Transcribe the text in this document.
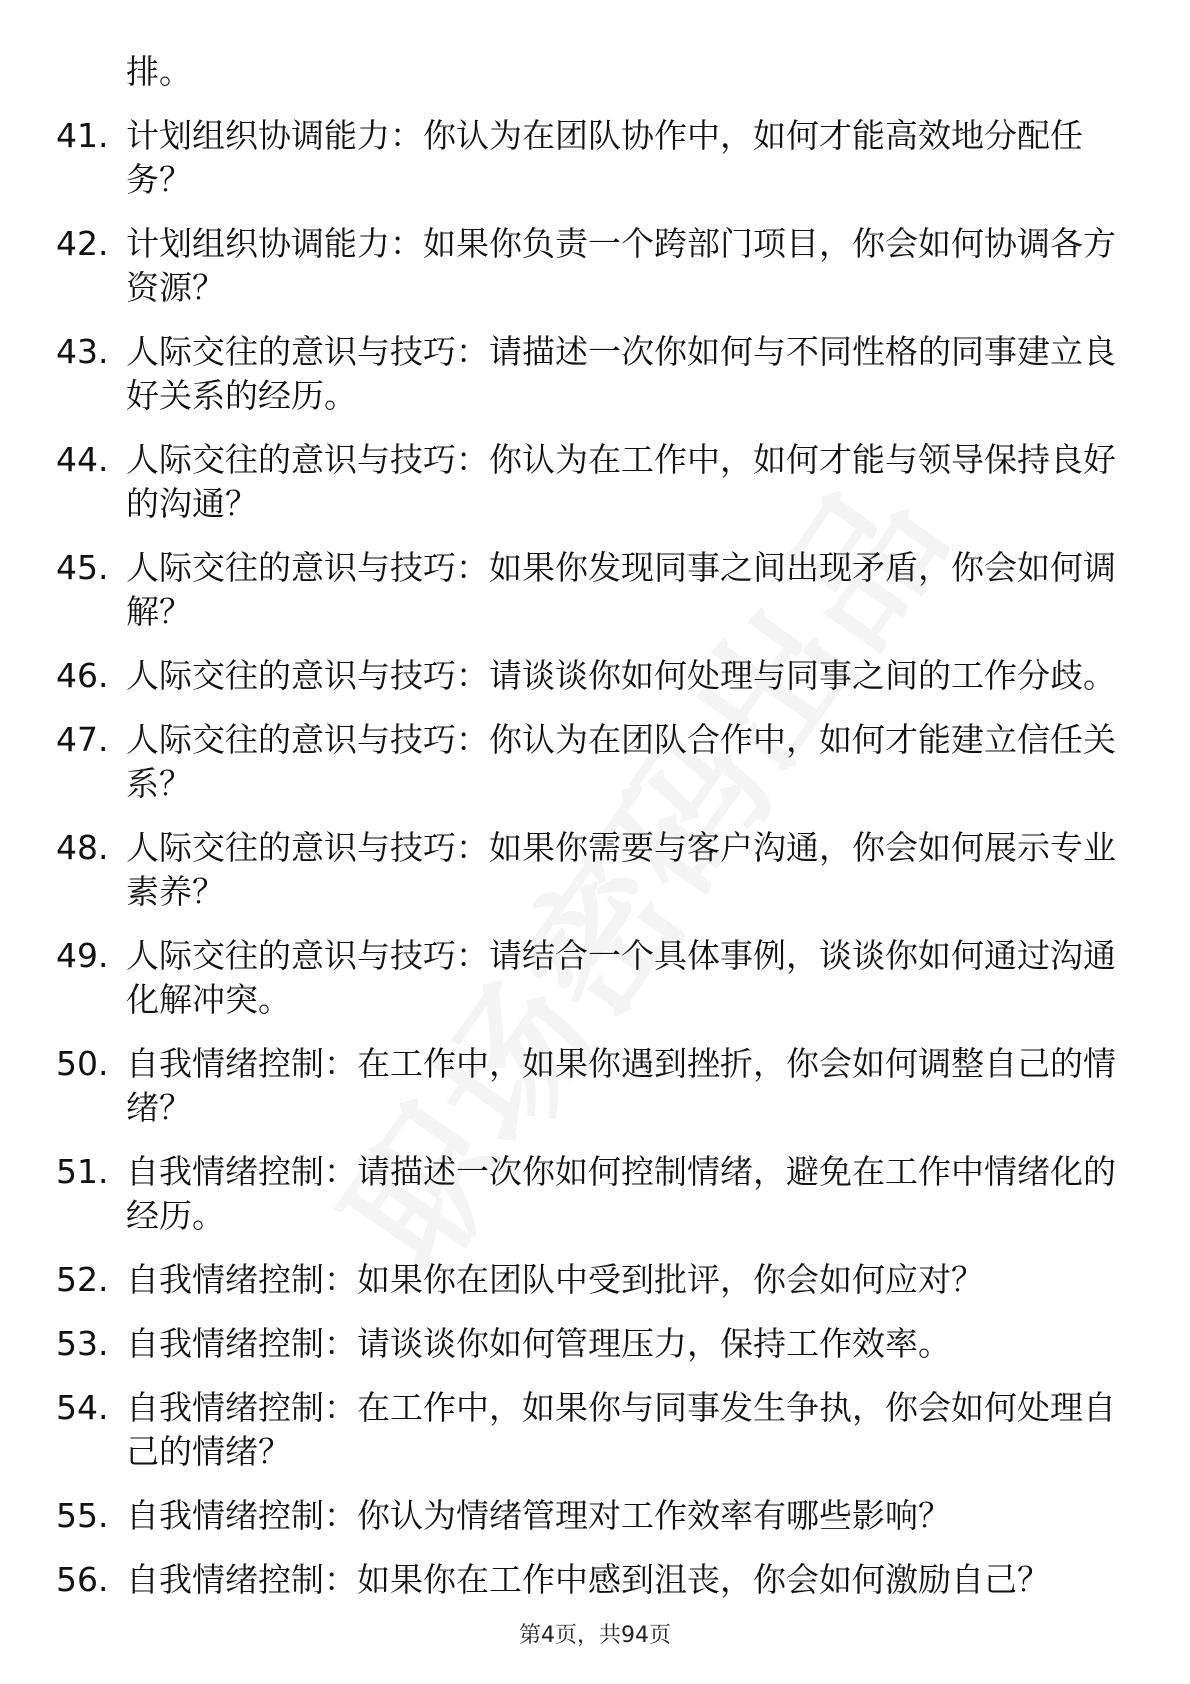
排。
41. 计划组织协调能力：你认为在团队协作中，如何才能高效地分配任务？
42. 计划组织协调能力：如果你负责一个跨部门项目，你会如何协调各方资源？
43. 人际交往的意识与技巧：请描述一次你如何与不同性格的同事建立良好关系的经历。
44. 人际交往的意识与技巧：你认为在工作中，如何才能与领导保持良好的沟通？
45. 人际交往的意识与技巧：如果你发现同事之间出现矛盾，你会如何调解？
46. 人际交往的意识与技巧：请谈谈你如何处理与同事之间的工作分歧。
47. 人际交往的意识与技巧：你认为在团队合作中，如何才能建立信任关系？
48. 人际交往的意识与技巧：如果你需要与客户沟通，你会如何展示专业素养？
49. 人际交往的意识与技巧：请结合一个具体事例，谈谈你如何通过沟通化解冲突。
50. 自我情绪控制：在工作中，如果你遇到挫折，你会如何调整自己的情绪？
51. 自我情绪控制：请描述一次你如何控制情绪，避免在工作中情绪化的经历。
52. 自我情绪控制：如果你在团队中受到批评，你会如何应对？
53. 自我情绪控制：请谈谈你如何管理压力，保持工作效率。
54. 自我情绪控制：在工作中，如果你与同事发生争执，你会如何处理自己的情绪？
55. 自我情绪控制：你认为情绪管理对工作效率有哪些影响？
56. 自我情绪控制：如果你在工作中感到沮丧，你会如何激励自己？
第4页，共94页
